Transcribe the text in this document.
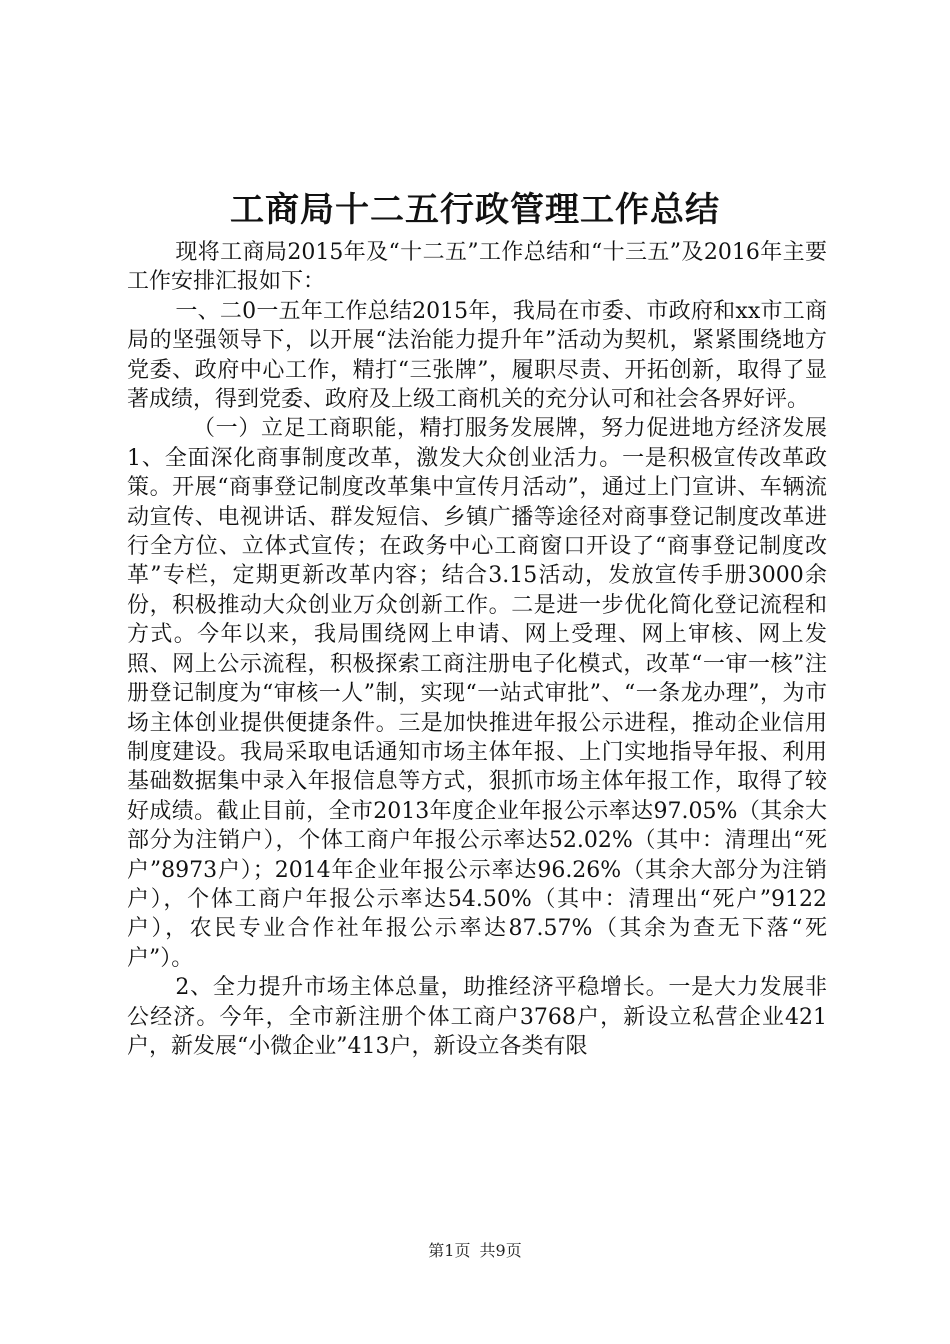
工商局十二五行政管理工作总结

现将工商局2015年及“十二五”工作总结和“十三五”及2016年主要工作安排汇报如下：

一、二0一五年工作总结2015年，我局在市委、市政府和xx市工商局的坚强领导下，以开展“法治能力提升年”活动为契机，紧紧围绕地方党委、政府中心工作，精打“三张牌”，履职尽责、开拓创新，取得了显著成绩，得到党委、政府及上级工商机关的充分认可和社会各界好评。

（一）立足工商职能，精打服务发展牌，努力促进地方经济发展1、全面深化商事制度改革，激发大众创业活力。一是积极宣传改革政策。开展“商事登记制度改革集中宣传月活动”，通过上门宣讲、车辆流动宣传、电视讲话、群发短信、乡镇广播等途径对商事登记制度改革进行全方位、立体式宣传；在政务中心工商窗口开设了“商事登记制度改革”专栏，定期更新改革内容；结合3.15活动，发放宣传手册3000余份，积极推动大众创业万众创新工作。二是进一步优化简化登记流程和方式。今年以来，我局围绕网上申请、网上受理、网上审核、网上发照、网上公示流程，积极探索工商注册电子化模式，改革“一审一核”注册登记制度为“审核一人”制，实现“一站式审批”、“一条龙办理”，为市场主体创业提供便捷条件。三是加快推进年报公示进程，推动企业信用制度建设。我局采取电话通知市场主体年报、上门实地指导年报、利用基础数据集中录入年报信息等方式，狠抓市场主体年报工作，取得了较好成绩。截止目前，全市2013年度企业年报公示率达97.05%（其余大部分为注销户），个体工商户年报公示率达52.02%（其中：清理出“死户”8973户）；2014年企业年报公示率达96.26%（其余大部分为注销户），个体工商户年报公示率达54.50%（其中：清理出“死户”9122户），农民专业合作社年报公示率达87.57%（其余为查无下落“死户”）。

2、全力提升市场主体总量，助推经济平稳增长。一是大力发展非公经济。今年，全市新注册个体工商户3768户，新设立私营企业421户，新发展“小微企业”413户，新设立各类有限

第1页 共9页
